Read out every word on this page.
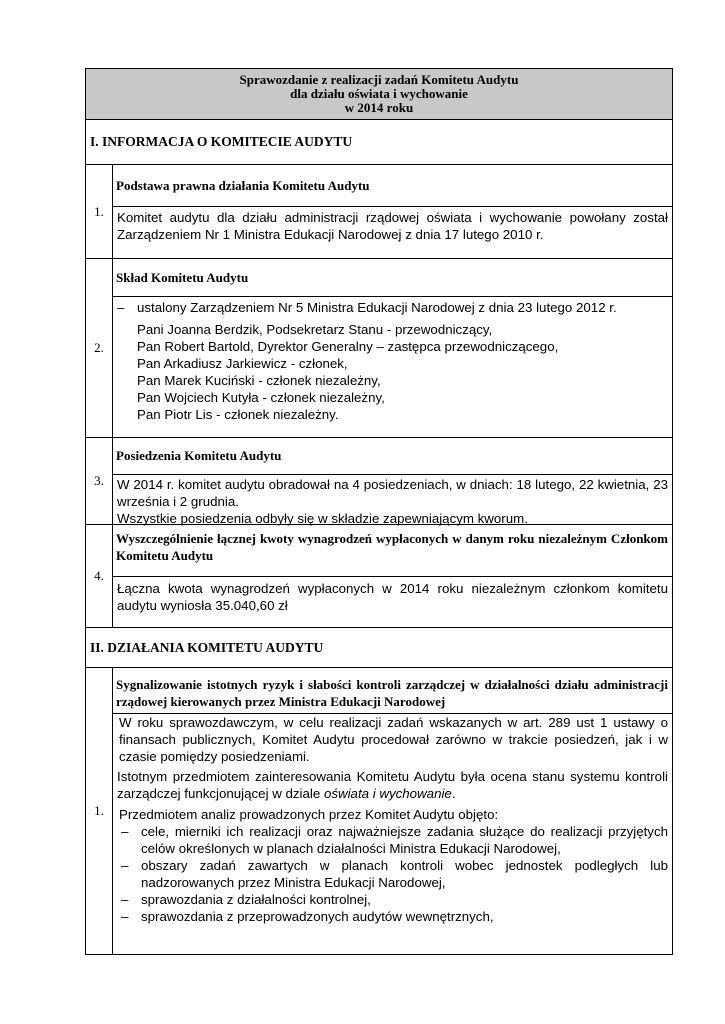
Sprawozdanie z realizacji zadań Komitetu Audytu
dla działu oświata i wychowanie
w 2014 roku
I. INFORMACJA O KOMITECIE AUDYTU
1.
Podstawa prawna działania Komitetu Audytu
Komitet audytu dla działu administracji rządowej oświata i wychowanie powołany został Zarządzeniem Nr 1 Ministra Edukacji Narodowej z dnia 17 lutego 2010 r.
2.
Skład Komitetu Audytu
– ustalony Zarządzeniem Nr 5 Ministra Edukacji Narodowej z dnia 23 lutego 2012 r.
Pani Joanna Berdzik, Podsekretarz Stanu - przewodniczący,
Pan Robert Bartold, Dyrektor Generalny – zastępca przewodniczącego,
Pan Arkadiusz Jarkiewicz - członek,
Pan Marek Kuciński - członek niezależny,
Pan Wojciech Kutyła - członek niezależny,
Pan Piotr Lis - członek niezależny.
3.
Posiedzenia Komitetu Audytu
W 2014 r. komitet audytu obradował na 4 posiedzeniach, w dniach: 18 lutego, 22 kwietnia, 23 września i 2 grudnia.
Wszystkie posiedzenia odbyły się w składzie zapewniającym kworum.
4.
Wyszczególnienie łącznej kwoty wynagrodzeń wypłaconych w danym roku niezależnym Członkom Komitetu Audytu
Łączna kwota wynagrodzeń wypłaconych w 2014 roku niezależnym członkom komitetu audytu wyniosła 35.040,60 zł
II. DZIAŁANIA KOMITETU AUDYTU
1.
Sygnalizowanie istotnych ryzyk i słabości kontroli zarządczej w działalności działu administracji rządowej kierowanych przez Ministra Edukacji Narodowej
W roku sprawozdawczym, w celu realizacji zadań wskazanych w art. 289 ust 1 ustawy o finansach publicznych, Komitet Audytu procedował zarówno w trakcie posiedzeń, jak i w czasie pomiędzy posiedzeniami.
Istotnym przedmiotem zainteresowania Komitetu Audytu była ocena stanu systemu kontroli zarządczej funkcjonującej w dziale oświata i wychowanie.
Przedmiotem analiz prowadzonych przez Komitet Audytu objęto:
– cele, mierniki ich realizacji oraz najważniejsze zadania służące do realizacji przyjętych celów określonych w planach działalności Ministra Edukacji Narodowej,
– obszary zadań zawartych w planach kontroli wobec jednostek podległych lub nadzorowanych przez Ministra Edukacji Narodowej,
– sprawozdania z działalności kontrolnej,
– sprawozdania z przeprowadzonych audytów wewnętrznych,
